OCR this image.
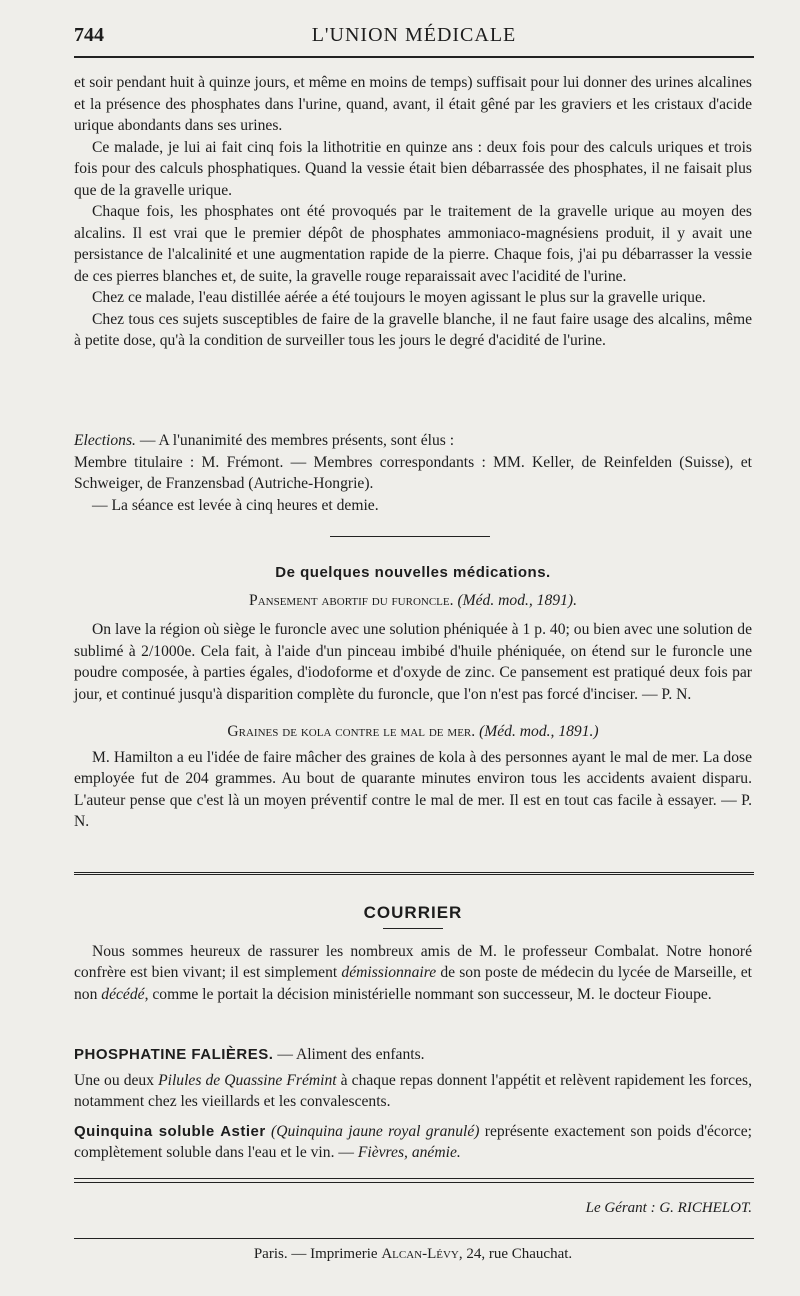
744	L'UNION MÉDICALE

et soir pendant huit à quinze jours, et même en moins de temps) suffisait pour lui donner des urines alcalines et la présence des phosphates dans l'urine, quand, avant, il était gêné par les graviers et les cristaux d'acide urique abondants dans ses urines.

Ce malade, je lui ai fait cinq fois la lithotritie en quinze ans : deux fois pour des calculs uriques et trois fois pour des calculs phosphatiques. Quand la vessie était bien débarrassée des phosphates, il ne faisait plus que de la gravelle urique.

Chaque fois, les phosphates ont été provoqués par le traitement de la gravelle urique au moyen des alcalins. Il est vrai que le premier dépôt de phosphates ammoniaco-magnésiens produit, il y avait une persistance de l'alcalinité et une augmentation rapide de la pierre. Chaque fois, j'ai pu débarrasser la vessie de ces pierres blanches et, de suite, la gravelle rouge reparaissait avec l'acidité de l'urine.

Chez ce malade, l'eau distillée aérée a été toujours le moyen agissant le plus sur la gravelle urique.

Chez tous ces sujets susceptibles de faire de la gravelle blanche, il ne faut faire usage des alcalins, même à petite dose, qu'à la condition de surveiller tous les jours le degré d'acidité de l'urine.

Elections. — A l'unanimité des membres présents, sont élus :

Membre titulaire : M. Frémont. — Membres correspondants : MM. Keller, de Reinfelden (Suisse), et Schweiger, de Franzensbad (Autriche-Hongrie).

— La séance est levée à cinq heures et demie.

De quelques nouvelles médications.

Pansement abortif du furoncle. (Méd. mod., 1891).

On lave la région où siège le furoncle avec une solution phéniquée à 1 p. 40; ou bien avec une solution de sublimé à 2/1000e. Cela fait, à l'aide d'un pinceau imbibé d'huile phéniquée, on étend sur le furoncle une poudre composée, à parties égales, d'iodoforme et d'oxyde de zinc. Ce pansement est pratiqué deux fois par jour, et continué jusqu'à disparition complète du furoncle, que l'on n'est pas forcé d'inciser. — P. N.

Graines de kola contre le mal de mer. (Méd. mod., 1891.)

M. Hamilton a eu l'idée de faire mâcher des graines de kola à des personnes ayant le mal de mer. La dose employée fut de 204 grammes. Au bout de quarante minutes environ tous les accidents avaient disparu. L'auteur pense que c'est là un moyen préventif contre le mal de mer. Il est en tout cas facile à essayer. — P. N.

COURRIER

Nous sommes heureux de rassurer les nombreux amis de M. le professeur Combalat. Notre honoré confrère est bien vivant; il est simplement démissionnaire de son poste de médecin du lycée de Marseille, et non décédé, comme le portait la décision ministérielle nommant son successeur, M. le docteur Fioupe.

PHOSPHATINE FALIÈRES. — Aliment des enfants.

Une ou deux Pilules de Quassine Frémint à chaque repas donnent l'appétit et relèvent rapidement les forces, notamment chez les vieillards et les convalescents.

Quinquina soluble Astier (Quinquina jaune royal granulé) représente exactement son poids d'écorce; complètement soluble dans l'eau et le vin. — Fièvres, anémie.

Le Gérant : G. RICHELOT.
Paris. — Imprimerie Alcan-Lévy, 24, rue Chauchat.
